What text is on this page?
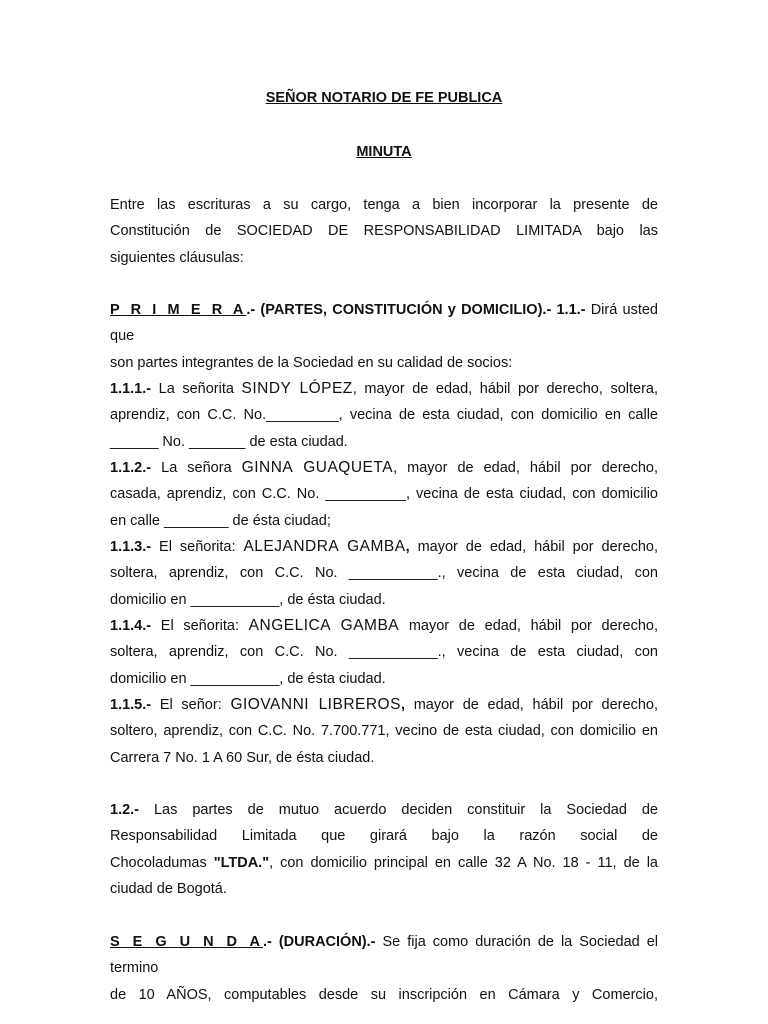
SEÑOR NOTARIO DE FE PUBLICA
MINUTA
Entre las escrituras a su cargo, tenga a bien incorporar la presente de
Constitución de SOCIEDAD DE RESPONSABILIDAD LIMITADA bajo las
siguientes cláusulas:
P R I M E R A.- (PARTES, CONSTITUCIÓN y DOMICILIO).- 1.1.- Dirá usted que
son partes integrantes de la Sociedad en su calidad de socios:
1.1.1.- La señorita SINDY LÓPEZ, mayor de edad, hábil por derecho, soltera,
aprendiz, con C.C. No._________, vecina de esta ciudad, con domicilio en calle
______ No. _______ de esta ciudad.
1.1.2.- La señora GINNA GUAQUETA, mayor de edad, hábil por derecho,
casada, aprendiz, con C.C. No. __________, vecina de esta ciudad, con domicilio
en calle ________ de ésta ciudad;
1.1.3.- El señorita: ALEJANDRA GAMBA, mayor de edad, hábil por derecho,
soltera, aprendiz, con C.C. No. ___________., vecina de esta ciudad, con
domicilio en ___________, de ésta ciudad.
1.1.4.- El señorita: ANGELICA GAMBA mayor de edad, hábil por derecho,
soltera, aprendiz, con C.C. No. ___________., vecina de esta ciudad, con
domicilio en ___________, de ésta ciudad.
1.1.5.- El señor: GIOVANNI LIBREROS, mayor de edad, hábil por derecho,
soltero, aprendiz, con C.C. No. 7.700.771, vecino de esta ciudad, con domicilio en
Carrera 7 No. 1 A 60 Sur, de ésta ciudad.
1.2.- Las partes de mutuo acuerdo deciden constituir la Sociedad de
Responsabilidad Limitada que girará bajo la razón social de
Chocoladumas "LTDA.", con domicilio principal en calle 32 A No. 18 - 11, de la
ciudad de Bogotá.
S E G U N D A.- (DURACIÓN).- Se fija como duración de la Sociedad el termino
de 10 AÑOS, computables desde su inscripción en Cámara y Comercio,
